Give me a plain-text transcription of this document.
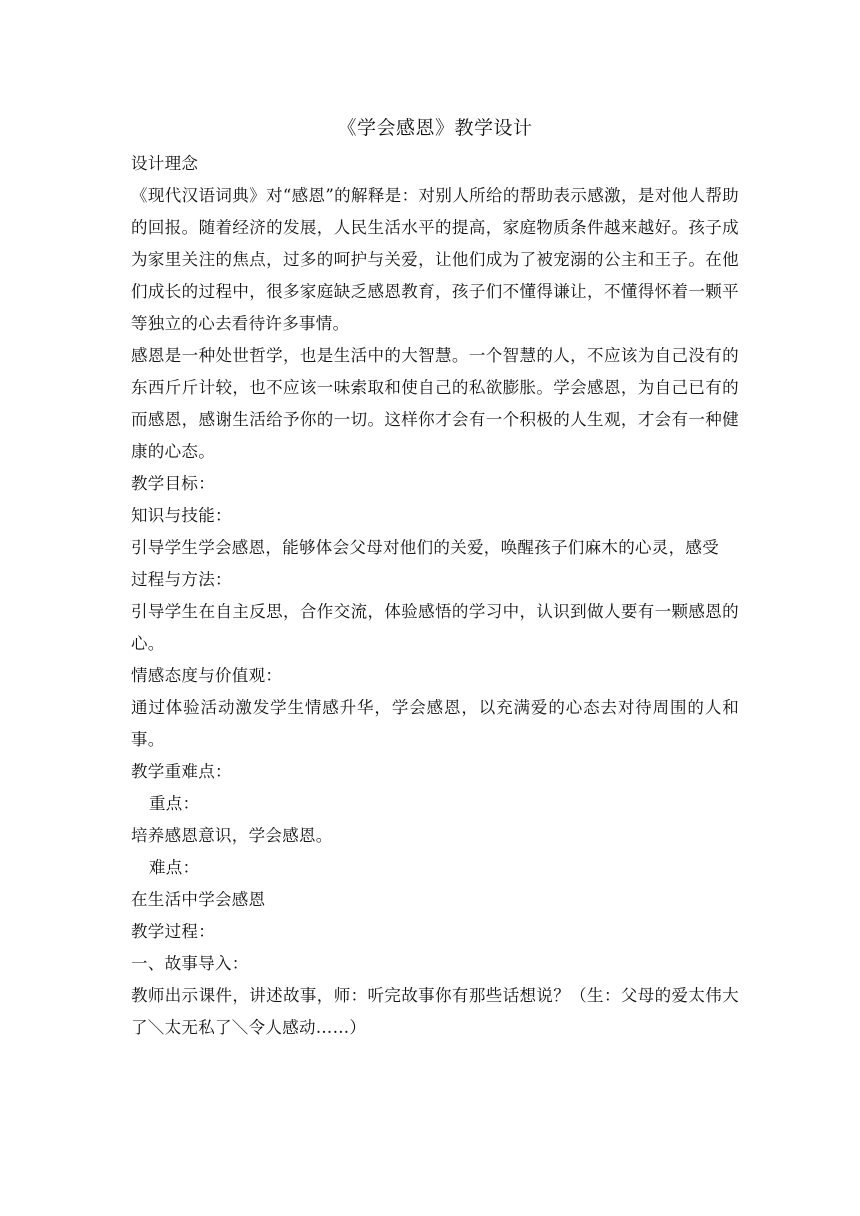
《学会感恩》教学设计
设计理念
《现代汉语词典》对“感恩”的解释是：对别人所给的帮助表示感激，是对他人帮助的回报。随着经济的发展，人民生活水平的提高，家庭物质条件越来越好。孩子成为家里关注的焦点，过多的呵护与关爱，让他们成为了被宠溺的公主和王子。在他们成长的过程中，很多家庭缺乏感恩教育，孩子们不懂得谦让，不懂得怀着一颗平等独立的心去看待许多事情。
感恩是一种处世哲学，也是生活中的大智慧。一个智慧的人，不应该为自己没有的东西斤斤计较，也不应该一味索取和使自己的私欲膨胀。学会感恩，为自己已有的而感恩，感谢生活给予你的一切。这样你才会有一个积极的人生观，才会有一种健康的心态。
教学目标：
知识与技能：
引导学生学会感恩，能够体会父母对他们的关爱，唤醒孩子们麻木的心灵，感受
过程与方法：
引导学生在自主反思，合作交流，体验感悟的学习中，认识到做人要有一颗感恩的心。
情感态度与价值观：
通过体验活动激发学生情感升华，学会感恩，以充满爱的心态去对待周围的人和事。
教学重难点：
重点：
培养感恩意识，学会感恩。
难点：
在生活中学会感恩
教学过程：
一、故事导入：
教师出示课件，讲述故事，师：听完故事你有那些话想说？（生：父母的爱太伟大了＼太无私了＼令人感动……）
